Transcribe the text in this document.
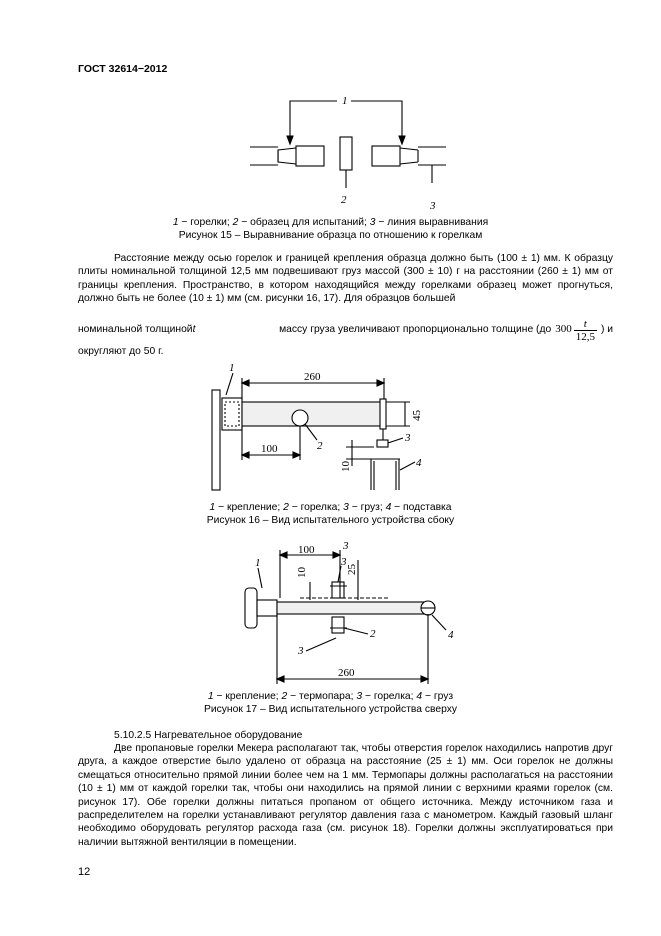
ГОСТ 32614−2012
1
2	3
1 − горелки; 2 − образец для испытаний; 3 − линия выравнивания
Рисунок 15 – Выравнивание образца по отношению к горелкам
Расстояние между осью горелок и границей крепления образца должно быть (100 ± 1) мм. К образцу плиты номинальной толщиной 12,5 мм подвешивают груз массой (300 ± 10) г на расстоянии (260 ± 1) мм от границы крепления. Пространство, в котором находящийся между горелками образец может прогнуться, должно быть не более (10 ± 1) мм (см. рисунки 16, 17). Для образцов большей
номинальной толщиной t	массу груза увеличивают пропорционально толщине (до 300 t
12,5
) и
округляют до 50 г.
1
2
260
100
3
45
4
10
1 − крепление; 2 − горелка; 3 − груз; 4 − подставка
Рисунок 16 – Вид испытательного устройства сбоку
100	3
3
10	25
1
4
2
3
260
1 − крепление; 2 − термопара; 3 − горелка; 4 − груз
Рисунок 17 – Вид испытательного устройства сверху
5.10.2.5 Нагревательное оборудование
Две пропановые горелки Мекера располагают так, чтобы отверстия горелок находились напротив друг друга, а каждое отверстие было удалено от образца на расстояние (25 ± 1) мм. Оси горелок не должны смещаться относительно прямой линии более чем на 1 мм. Термопары должны располагаться на расстоянии (10 ± 1) мм от каждой горелки так, чтобы они находились на прямой линии с верхними краями горелок (см. рисунок 17). Обе горелки должны питаться пропаном от общего источника. Между источником газа и распределителем на горелки устанавливают регулятор давления газа с манометром. Каждый газовый шланг необходимо оборудовать регулятор расхода газа (см. рисунок 18). Горелки должны эксплуатироваться при наличии вытяжной вентиляции в помещении.
12
